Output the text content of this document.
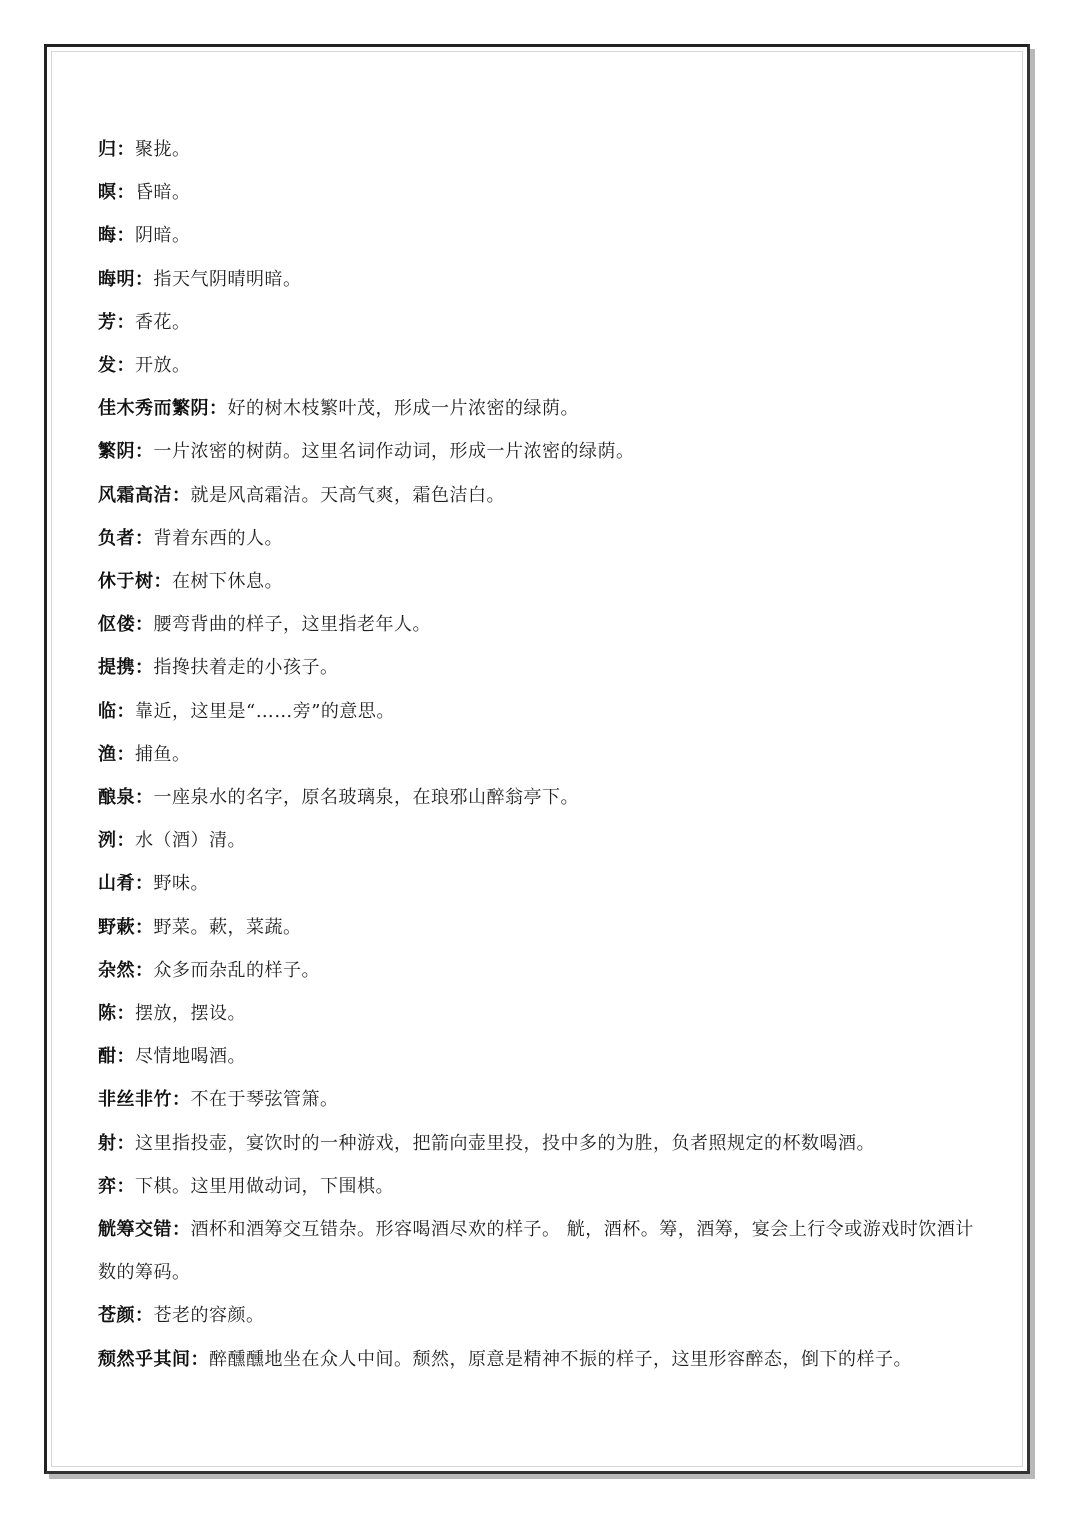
归：聚拢。
暝：昏暗。
晦：阴暗。
晦明：指天气阴晴明暗。
芳：香花。
发：开放。
佳木秀而繁阴：好的树木枝繁叶茂，形成一片浓密的绿荫。
繁阴：一片浓密的树荫。这里名词作动词，形成一片浓密的绿荫。
风霜高洁：就是风高霜洁。天高气爽，霜色洁白。
负者：背着东西的人。
休于树：在树下休息。
伛偻：腰弯背曲的样子，这里指老年人。
提携：指搀扶着走的小孩子。
临：靠近，这里是“……旁”的意思。
渔：捕鱼。
酿泉：一座泉水的名字，原名玻璃泉，在琅邪山醉翁亭下。
洌：水（酒）清。
山肴：野味。
野蔌：野菜。蔌，菜蔬。
杂然：众多而杂乱的样子。
陈：摆放，摆设。
酣：尽情地喝酒。
非丝非竹：不在于琴弦管箫。
射：这里指投壶，宴饮时的一种游戏，把箭向壶里投，投中多的为胜，负者照规定的杯数喝酒。
弈：下棋。这里用做动词，下围棋。
觥筹交错：酒杯和酒筹交互错杂。形容喝酒尽欢的样子。 觥，酒杯。筹，酒筹，宴会上行令或游戏时饮酒计数的筹码。
苍颜：苍老的容颜。
颓然乎其间：醉醺醺地坐在众人中间。颓然，原意是精神不振的样子，这里形容醉态，倒下的样子。
